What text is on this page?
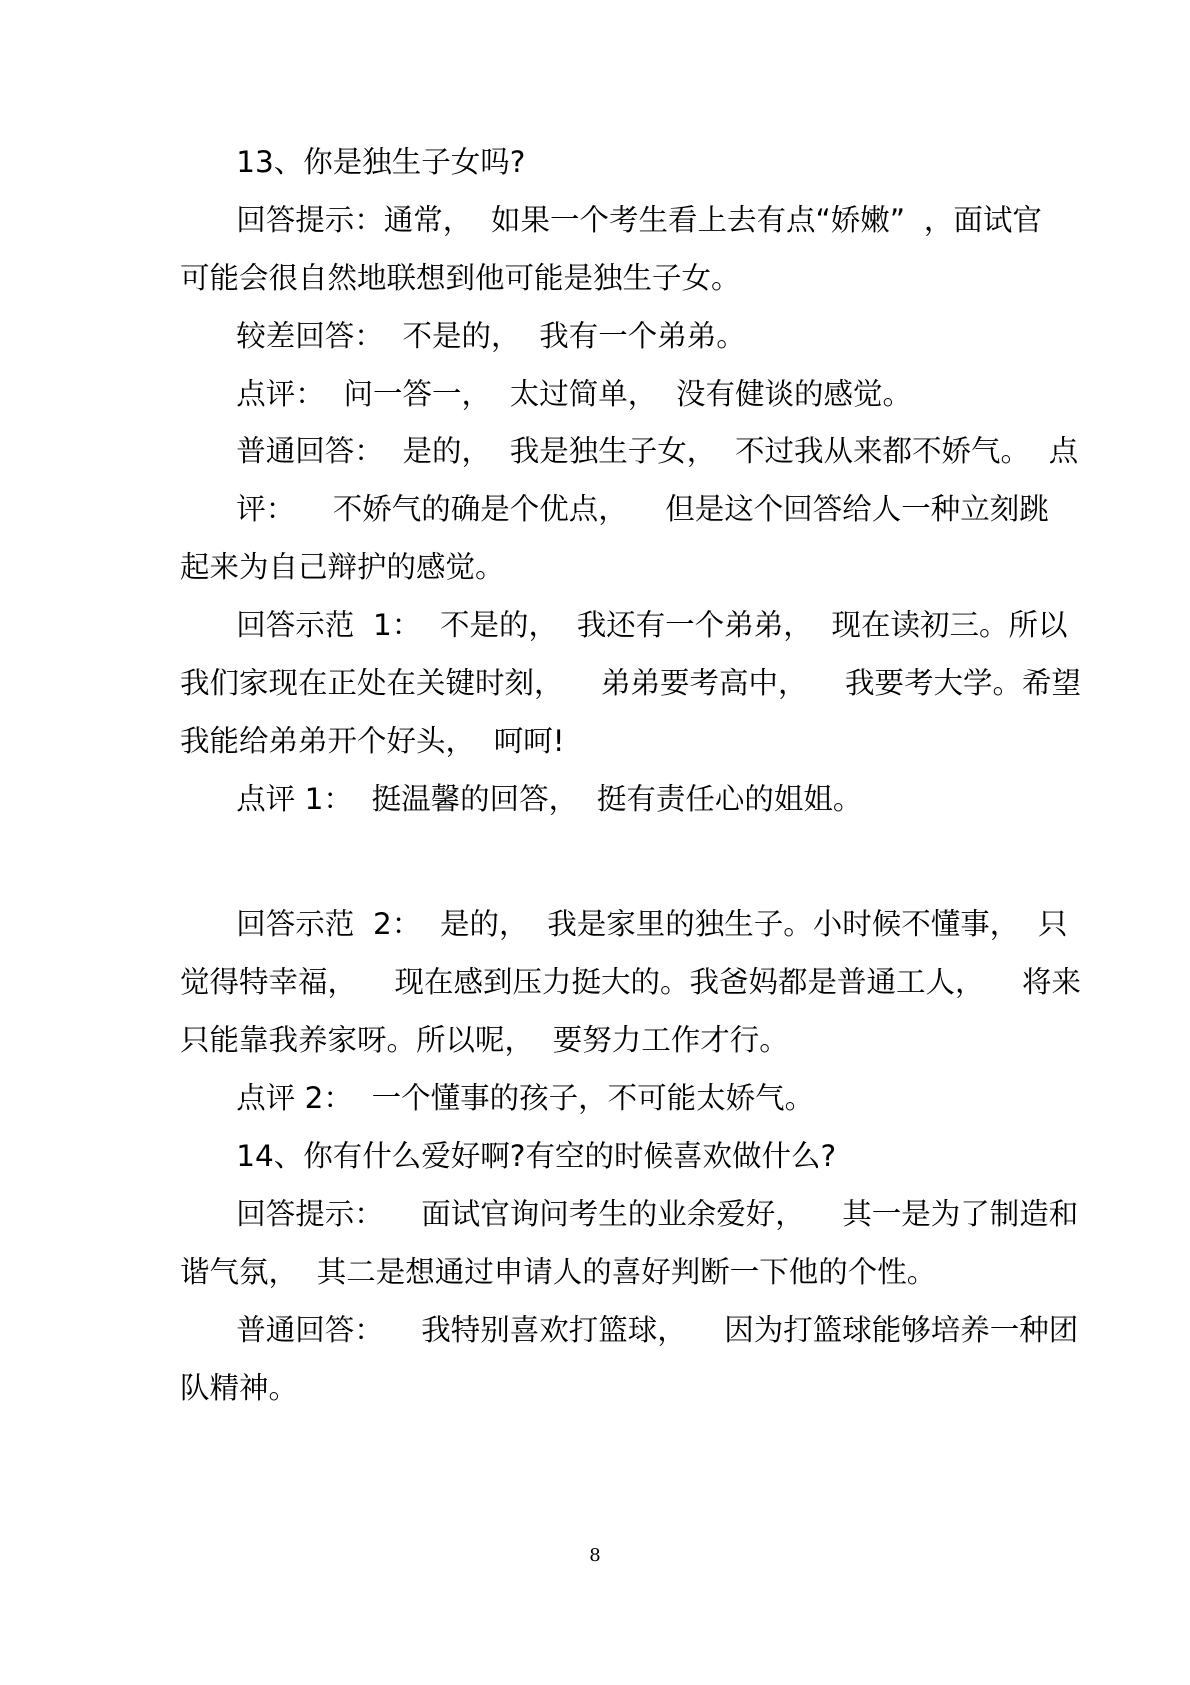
13、你是独生子女吗?
回答提示：通常，  如果一个考生看上去有点“娇嫩”  ，面试官
可能会很自然地联想到他可能是独生子女。
较差回答：  不是的，  我有一个弟弟。
点评：  问一答一，  太过简单，  没有健谈的感觉。
普通回答：  是的，  我是独生子女，  不过我从来都不娇气。  点
评：    不娇气的确是个优点，    但是这个回答给人一种立刻跳
起来为自己辩护的感觉。
回答示范  1：  不是的，  我还有一个弟弟，  现在读初三。所以
我们家现在正处在关键时刻，    弟弟要考高中，    我要考大学。希望
我能给弟弟开个好头，  呵呵!
点评 1：  挺温馨的回答，  挺有责任心的姐姐。
回答示范  2：  是的，  我是家里的独生子。小时候不懂事，  只
觉得特幸福，    现在感到压力挺大的。我爸妈都是普通工人，    将来
只能靠我养家呀。所以呢，  要努力工作才行。
点评 2：  一个懂事的孩子，不可能太娇气。
14、你有什么爱好啊?有空的时候喜欢做什么?
回答提示：    面试官询问考生的业余爱好，    其一是为了制造和
谐气氛，  其二是想通过申请人的喜好判断一下他的个性。
普通回答：    我特别喜欢打篮球，    因为打篮球能够培养一种团
队精神。
8
